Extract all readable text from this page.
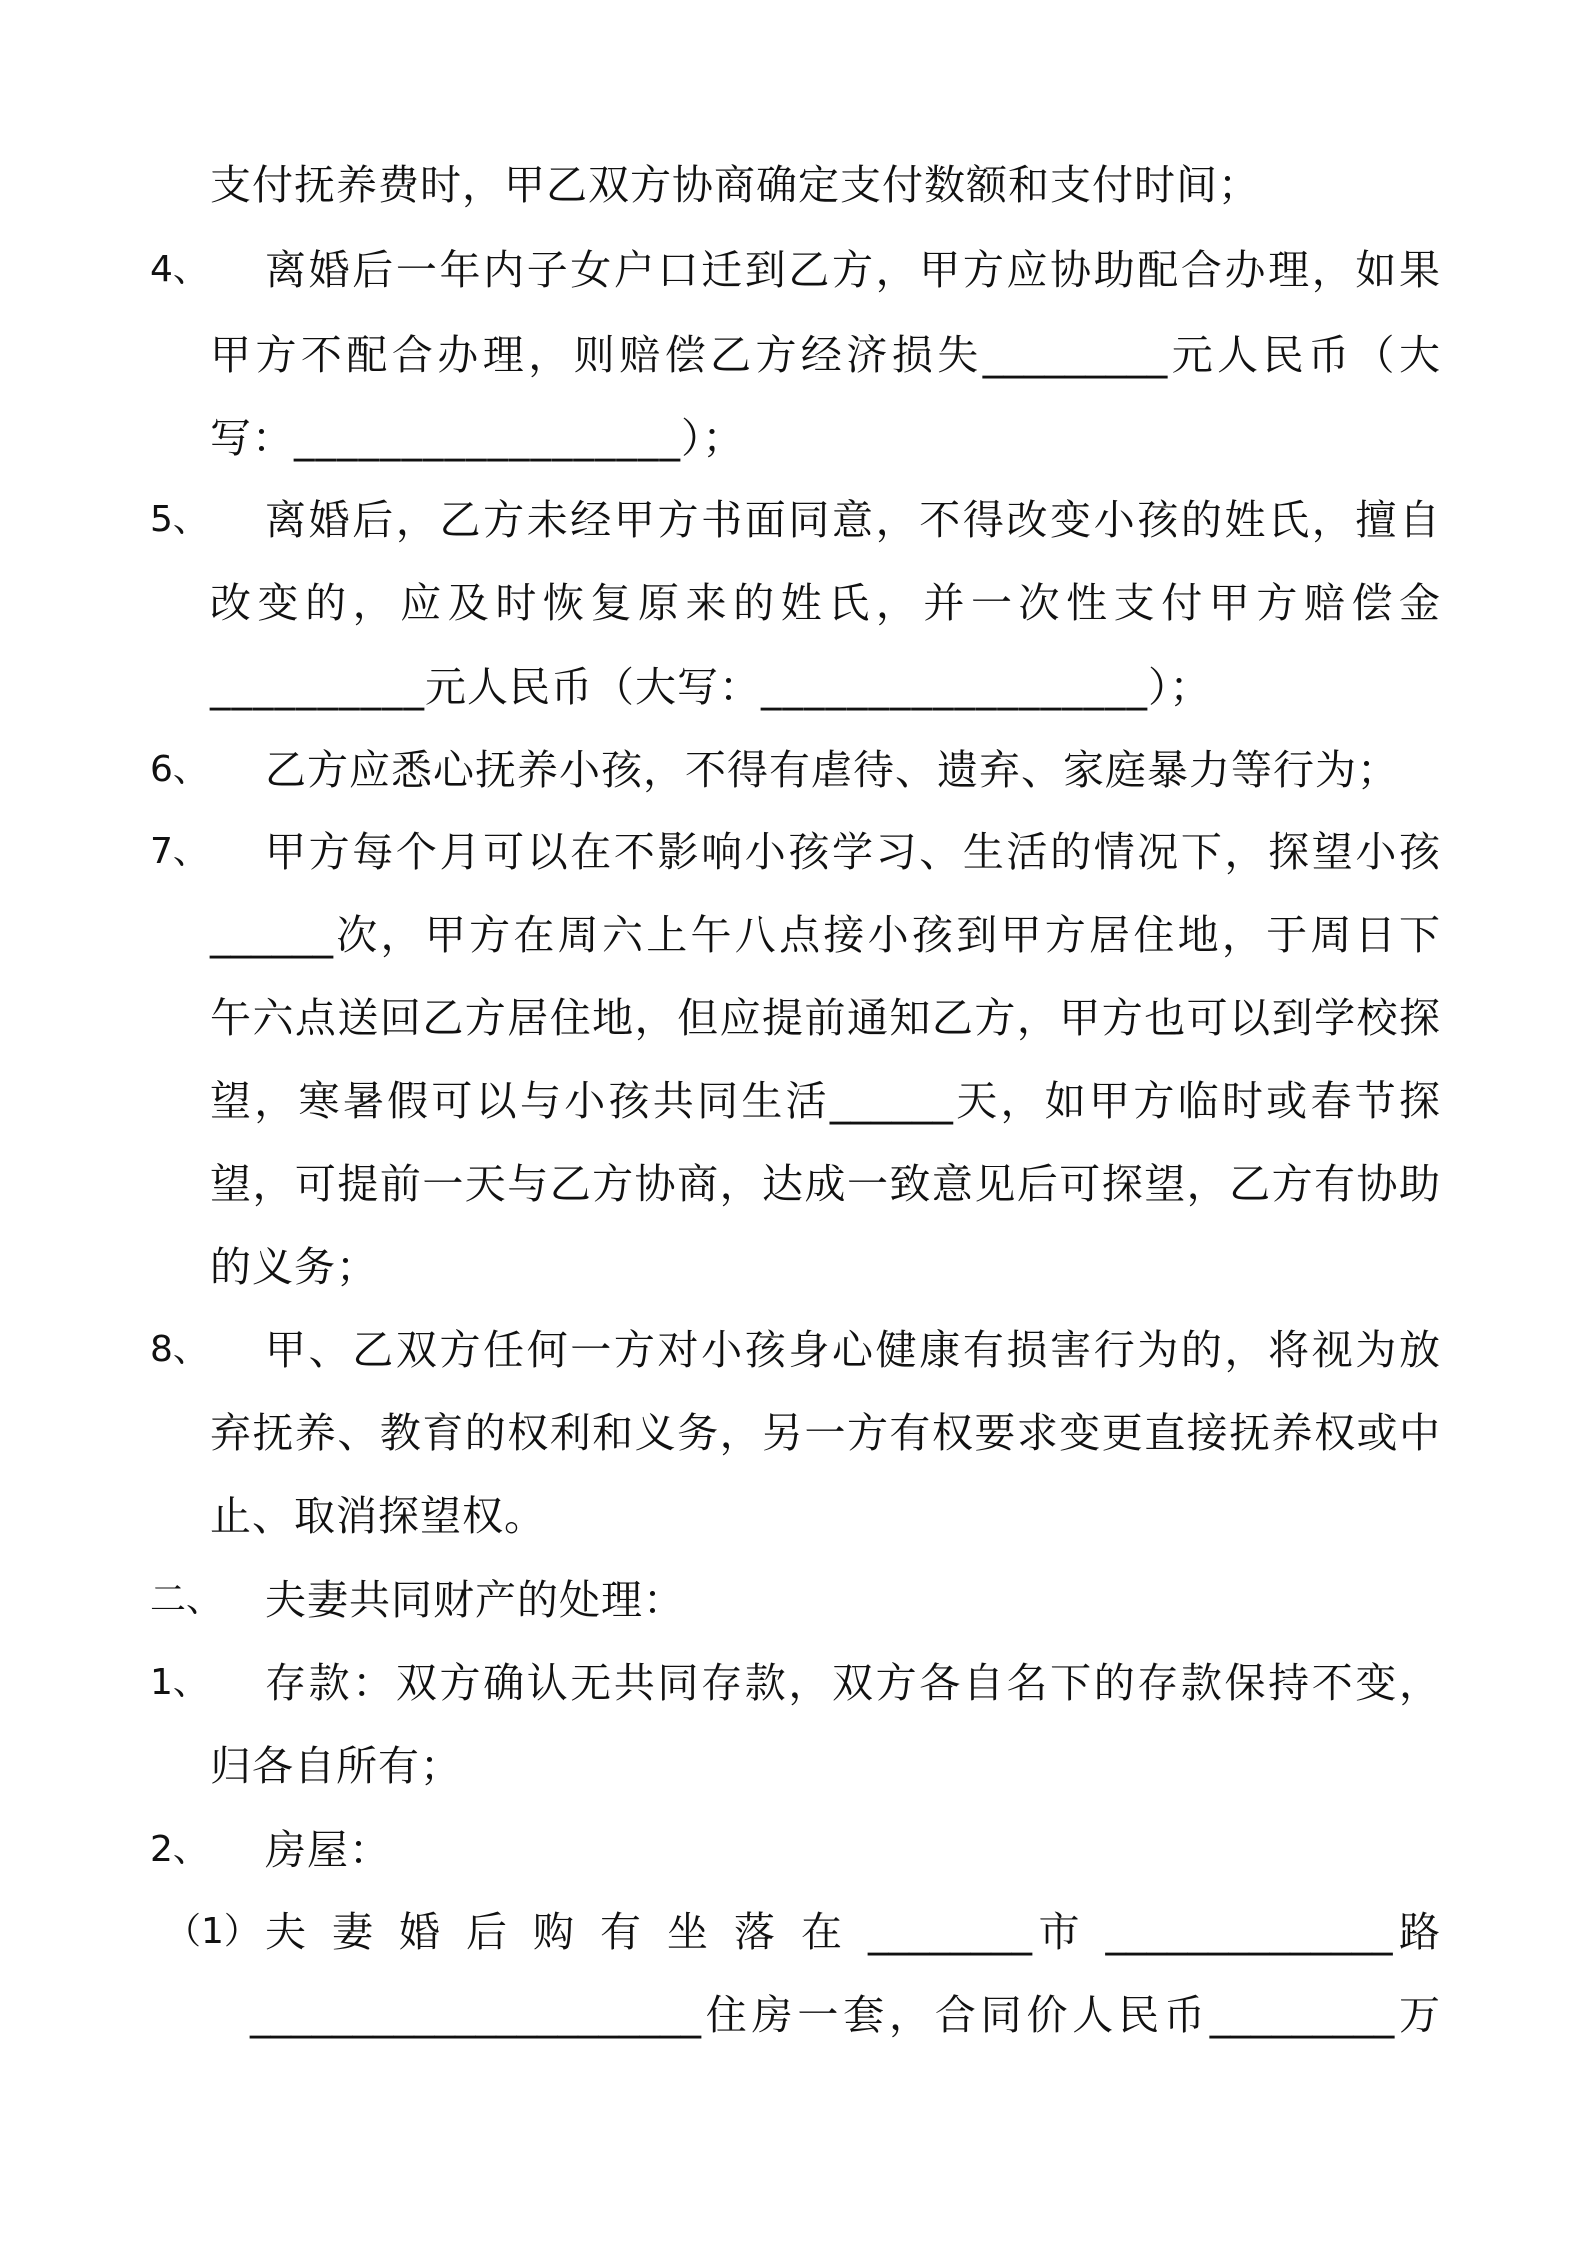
支付抚养费时，甲乙双方协商确定支付数额和支付时间；
4、 离婚后一年内子女户口迁到乙方，甲方应协助配合办理，如果
甲方不配合办理，则赔偿乙方经济损失_________元人民币（大
写：__________________）；
5、 离婚后，乙方未经甲方书面同意，不得改变小孩的姓氏，擅自
改变的，应及时恢复原来的姓氏，并一次性支付甲方赔偿金
__________元人民币（大写：__________________）；
6、 乙方应悉心抚养小孩，不得有虐待、遗弃、家庭暴力等行为；
7、 甲方每个月可以在不影响小孩学习、生活的情况下，探望小孩
______次，甲方在周六上午八点接小孩到甲方居住地，于周日下
午六点送回乙方居住地，但应提前通知乙方，甲方也可以到学校探
望，寒暑假可以与小孩共同生活______天，如甲方临时或春节探
望，可提前一天与乙方协商，达成一致意见后可探望，乙方有协助
的义务；
8、 甲、乙双方任何一方对小孩身心健康有损害行为的，将视为放
弃抚养、教育的权利和义务，另一方有权要求变更直接抚养权或中
止、取消探望权。
二、 夫妻共同财产的处理：
1、 存款：双方确认无共同存款，双方各自名下的存款保持不变，
归各自所有；
2、 房屋：
（1） 夫 妻 婚 后 购 有 坐 落 在 ________市 ______________路
______________________住房一套，合同价人民币_________万
